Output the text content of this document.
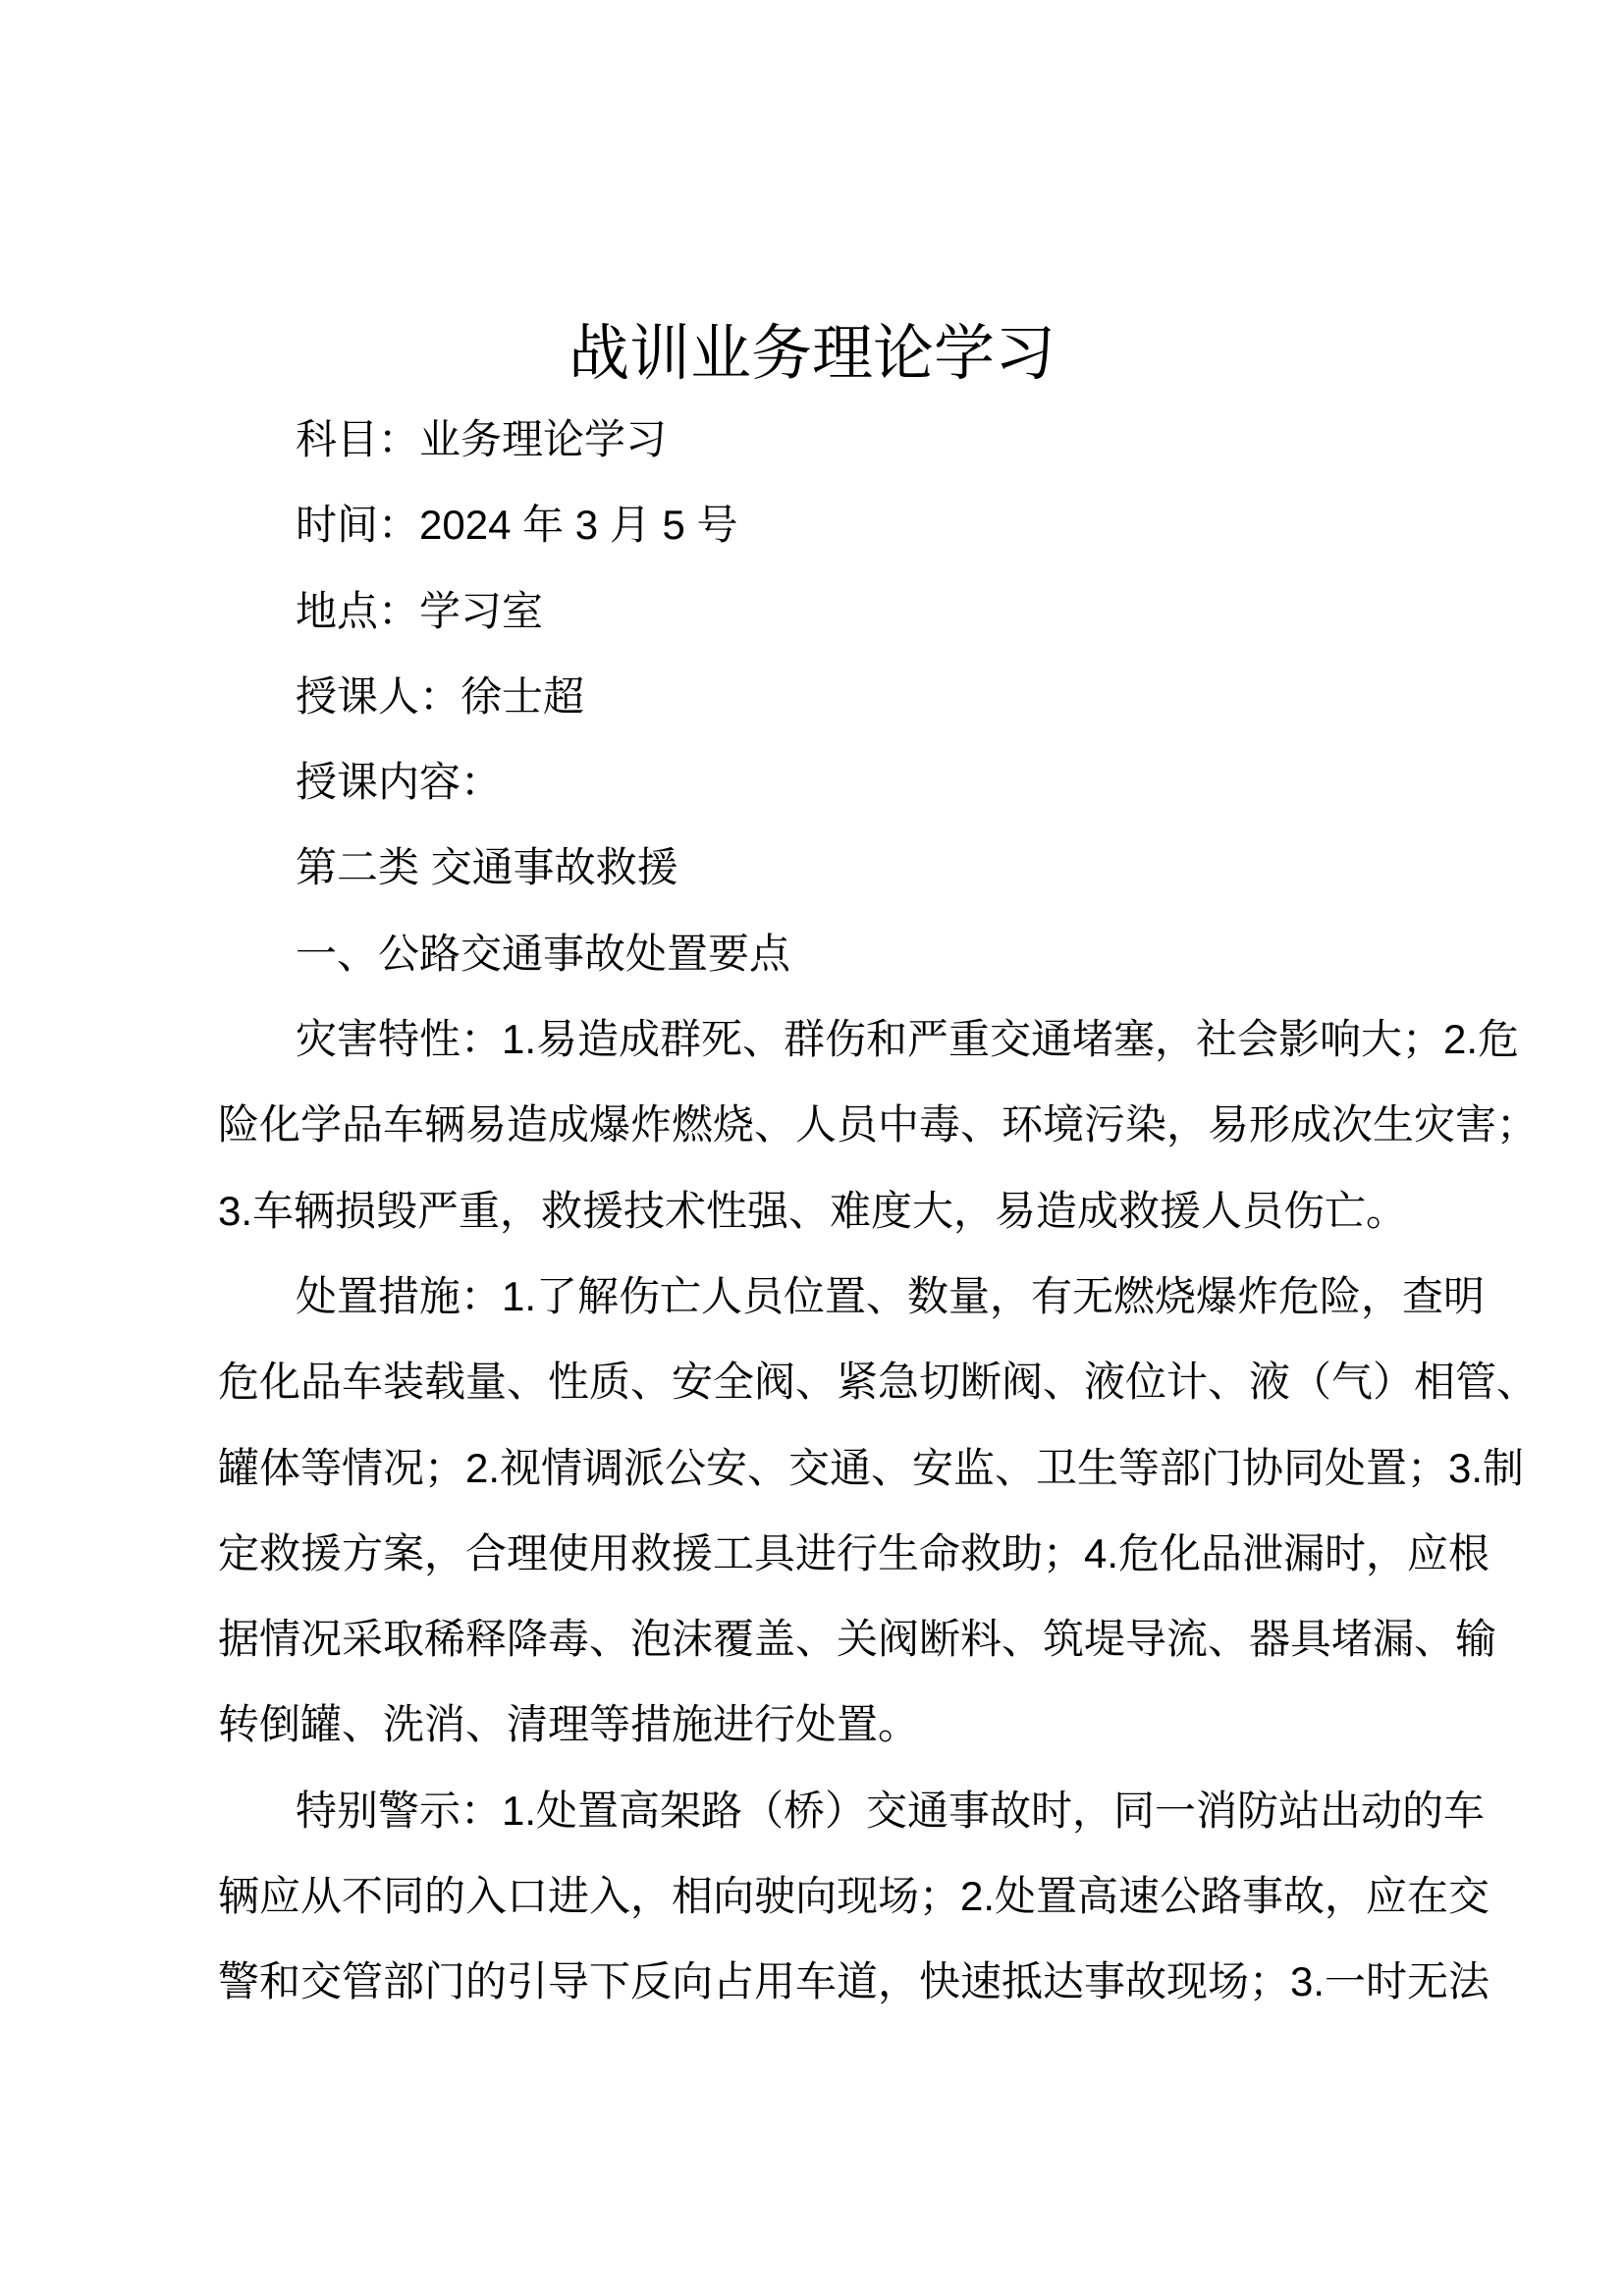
战训业务理论学习
科目：业务理论学习
时间：2024 年 3 月 5 号
地点：学习室
授课人：徐士超
授课内容：
第二类 交通事故救援
一、公路交通事故处置要点
灾害特性：1.易造成群死、群伤和严重交通堵塞，社会影响大；2.危
险化学品车辆易造成爆炸燃烧、人员中毒、环境污染，易形成次生灾害；
3.车辆损毁严重，救援技术性强、难度大，易造成救援人员伤亡。
处置措施：1.了解伤亡人员位置、数量，有无燃烧爆炸危险，查明
危化品车装载量、性质、安全阀、紧急切断阀、液位计、液（气）相管、
罐体等情况；2.视情调派公安、交通、安监、卫生等部门协同处置；3.制
定救援方案，合理使用救援工具进行生命救助；4.危化品泄漏时，应根
据情况采取稀释降毒、泡沫覆盖、关阀断料、筑堤导流、器具堵漏、输
转倒罐、洗消、清理等措施进行处置。
特别警示：1.处置高架路（桥）交通事故时，同一消防站出动的车
辆应从不同的入口进入，相向驶向现场；2.处置高速公路事故，应在交
警和交管部门的引导下反向占用车道，快速抵达事故现场；3.一时无法
